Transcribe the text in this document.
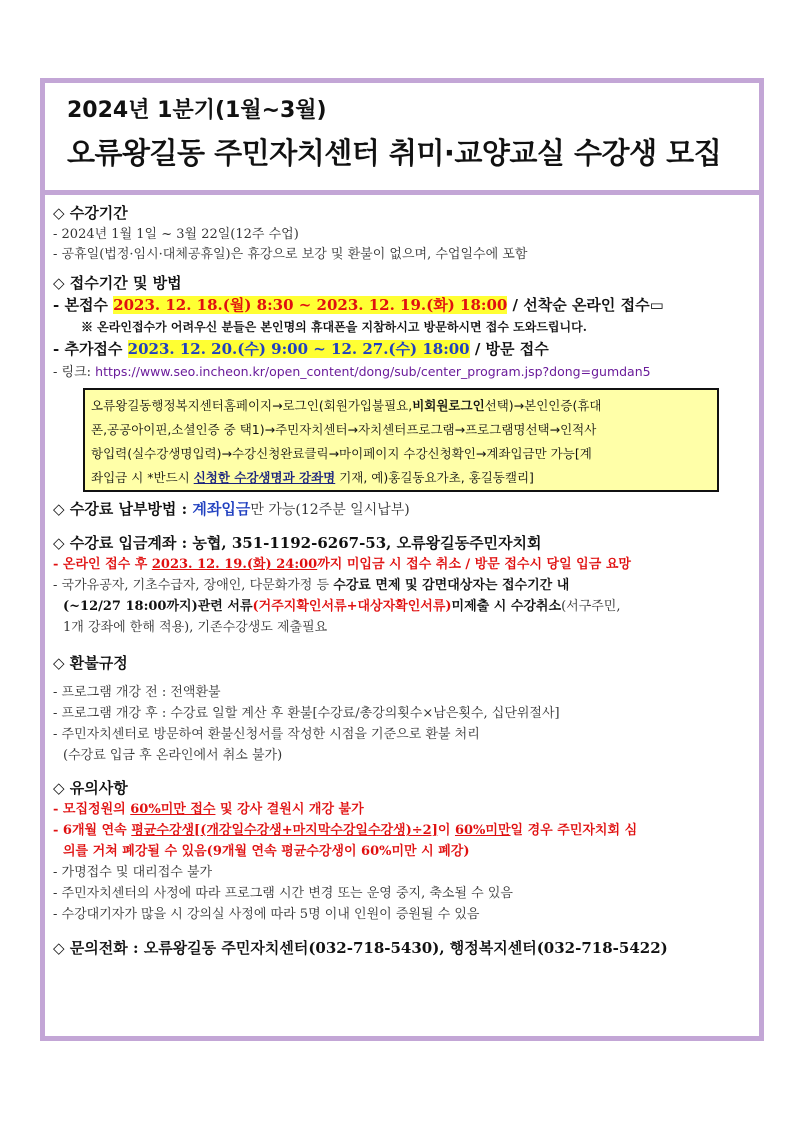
2024년 1분기(1월~3월)
오류왕길동 주민자치센터 취미·교양교실 수강생 모집
◇ 수강기간
- 2024년 1월 1일 ~ 3월 22일(12주 수업)
- 공휴일(법정·임시·대체공휴일)은 휴강으로 보강 및 환불이 없으며, 수업일수에 포함
◇ 접수기간 및 방법
- 본접수 2023. 12. 18.(월) 8:30 ~ 2023. 12. 19.(화) 18:00 / 선착순 온라인 접수▭
※ 온라인접수가 어려우신 분들은 본인명의 휴대폰을 지참하시고 방문하시면 접수 도와드립니다.
- 추가접수 2023. 12. 20.(수) 9:00 ~ 12. 27.(수) 18:00 / 방문 접수
- 링크: https://www.seo.incheon.kr/open_content/dong/sub/center_program.jsp?dong=gumdan5
오류왕길동행정복지센터홈페이지→로그인(회원가입불필요,비회원로그인선택)→본인인증(휴대
폰,공공아이핀,소셜인증 중 택1)→주민자치센터→자치센터프로그램→프로그램명선택→인적사
항입력(실수강생명입력)→수강신청완료클릭→마이페이지 수강신청확인→계좌입금만 가능[계
좌입금 시 *반드시 신청한 수강생명과 강좌명 기재, 예)홍길동요가초, 홍길동캘리]
◇ 수강료 납부방법 : 계좌입금만 가능(12주분 일시납부)
◇ 수강료 입금계좌 : 농협, 351-1192-6267-53, 오류왕길동주민자치회
- 온라인 접수 후 2023. 12. 19.(화) 24:00까지 미입금 시 접수 취소 / 방문 접수시 당일 입금 요망
- 국가유공자, 기초수급자, 장애인, 다문화가정 등 수강료 면제 및 감면대상자는 접수기간 내
(~12/27 18:00까지)관련 서류(거주지확인서류+대상자확인서류)미제출 시 수강취소(서구주민,
1개 강좌에 한해 적용), 기존수강생도 제출필요
◇ 환불규정
- 프로그램 개강 전 : 전액환불
- 프로그램 개강 후 : 수강료 일할 계산 후 환불[수강료/총강의횟수×남은횟수, 십단위절사]
- 주민자치센터로 방문하여 환불신청서를 작성한 시점을 기준으로 환불 처리
(수강료 입금 후 온라인에서 취소 불가)
◇ 유의사항
- 모집정원의 60%미만 접수 및 강사 결원시 개강 불가
- 6개월 연속 평균수강생[(개강일수강생+마지막수강일수강생)÷2]이 60%미만일 경우 주민자치회 심
의를 거쳐 폐강될 수 있음(9개월 연속 평균수강생이 60%미만 시 폐강)
- 가명접수 및 대리접수 불가
- 주민자치센터의 사정에 따라 프로그램 시간 변경 또는 운영 중지, 축소될 수 있음
- 수강대기자가 많을 시 강의실 사정에 따라 5명 이내 인원이 증원될 수 있음
◇ 문의전화 : 오류왕길동 주민자치센터(032-718-5430), 행정복지센터(032-718-5422)
